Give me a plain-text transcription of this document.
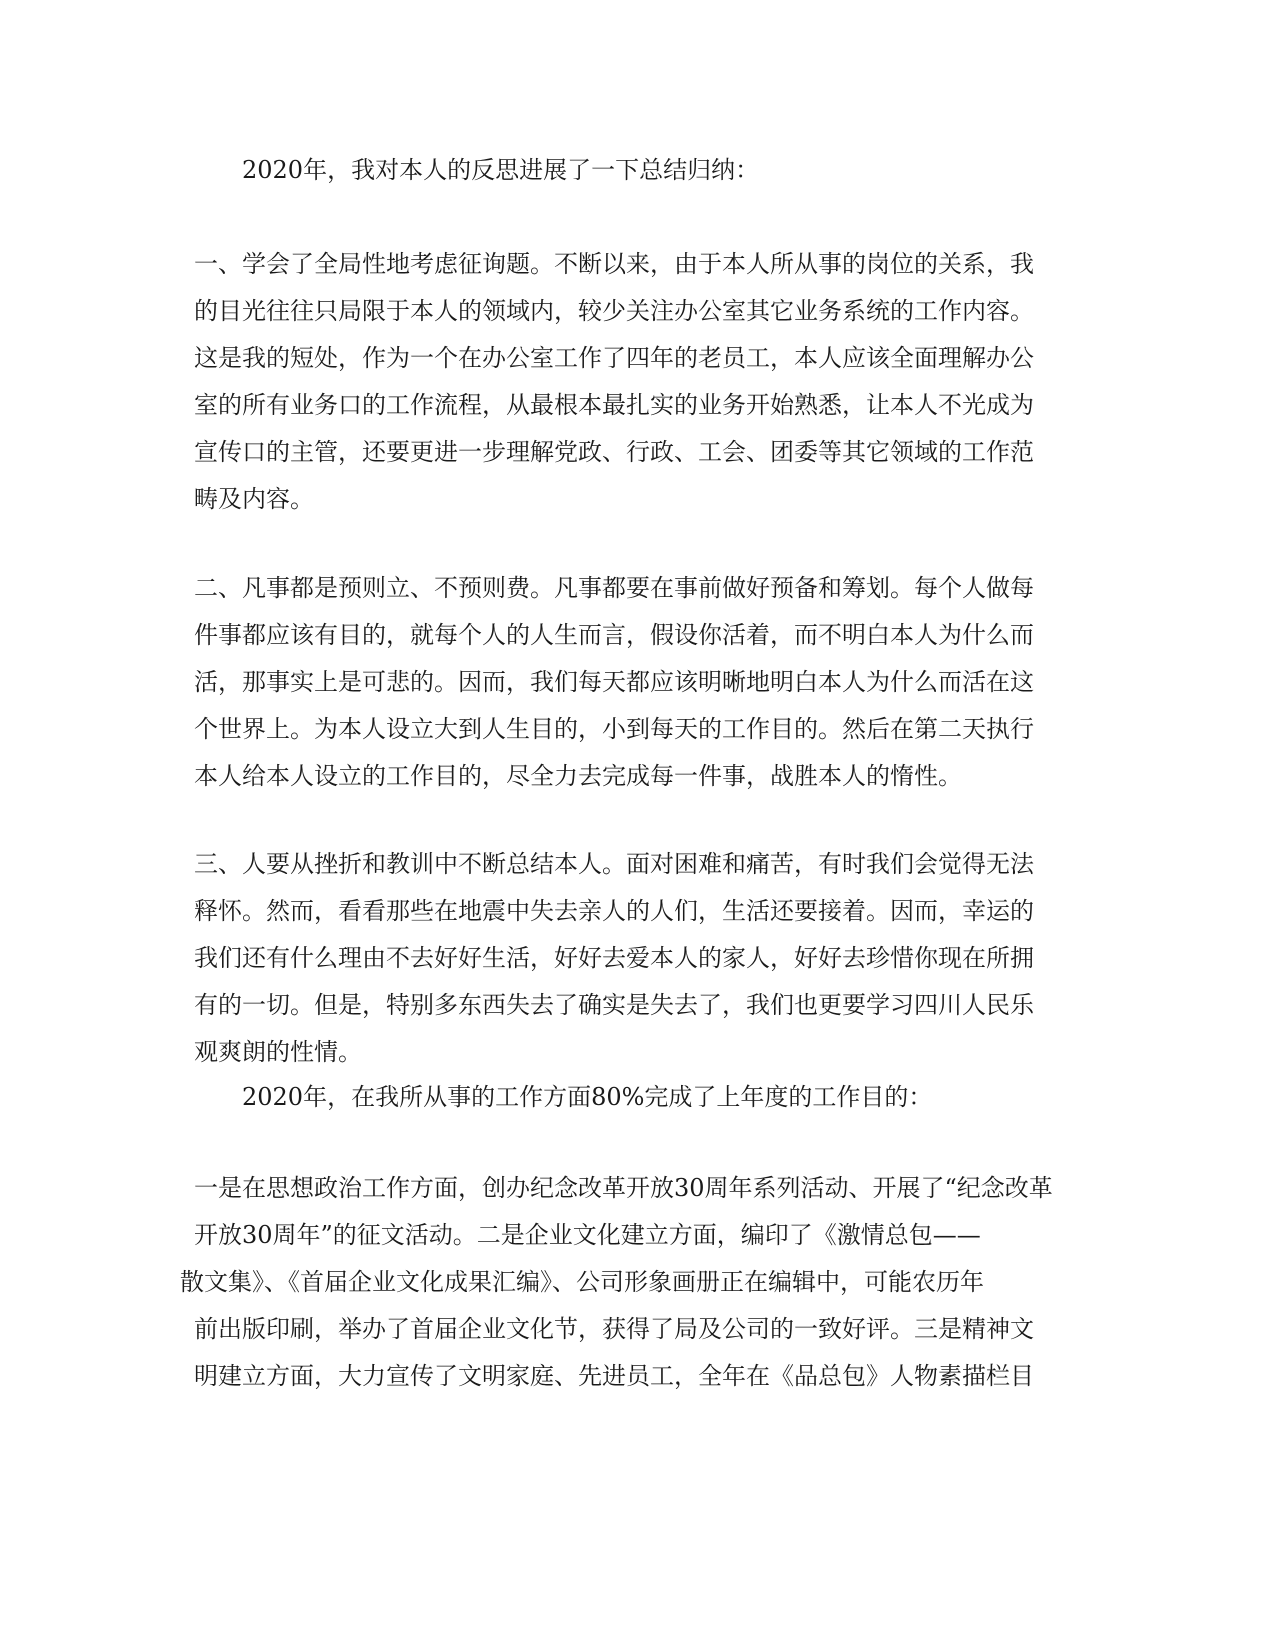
2020年，我对本人的反思进展了一下总结归纳：

一、学会了全局性地考虑征询题。不断以来，由于本人所从事的岗位的关系，我

的目光往往只局限于本人的领域内，较少关注办公室其它业务系统的工作内容。

这是我的短处，作为一个在办公室工作了四年的老员工，本人应该全面理解办公

室的所有业务口的工作流程，从最根本最扎实的业务开始熟悉，让本人不光成为

宣传口的主管，还要更进一步理解党政、行政、工会、团委等其它领域的工作范

畴及内容。

二、凡事都是预则立、不预则费。凡事都要在事前做好预备和筹划。每个人做每

件事都应该有目的，就每个人的人生而言，假设你活着，而不明白本人为什么而

活，那事实上是可悲的。因而，我们每天都应该明晰地明白本人为什么而活在这

个世界上。为本人设立大到人生目的，小到每天的工作目的。然后在第二天执行

本人给本人设立的工作目的，尽全力去完成每一件事，战胜本人的惰性。

三、人要从挫折和教训中不断总结本人。面对困难和痛苦，有时我们会觉得无法

释怀。然而，看看那些在地震中失去亲人的人们，生活还要接着。因而，幸运的

我们还有什么理由不去好好生活，好好去爱本人的家人，好好去珍惜你现在所拥

有的一切。但是，特别多东西失去了确实是失去了，我们也更要学习四川人民乐

观爽朗的性情。

2020年，在我所从事的工作方面80%完成了上年度的工作目的：

一是在思想政治工作方面，创办纪念改革开放30周年系列活动、开展了“纪念改革

开放30周年”的征文活动。二是企业文化建立方面，编印了《激情总包——

散文集》、《首届企业文化成果汇编》、公司形象画册正在编辑中，可能农历年

前出版印刷，举办了首届企业文化节，获得了局及公司的一致好评。三是精神文

明建立方面，大力宣传了文明家庭、先进员工，全年在《品总包》人物素描栏目
